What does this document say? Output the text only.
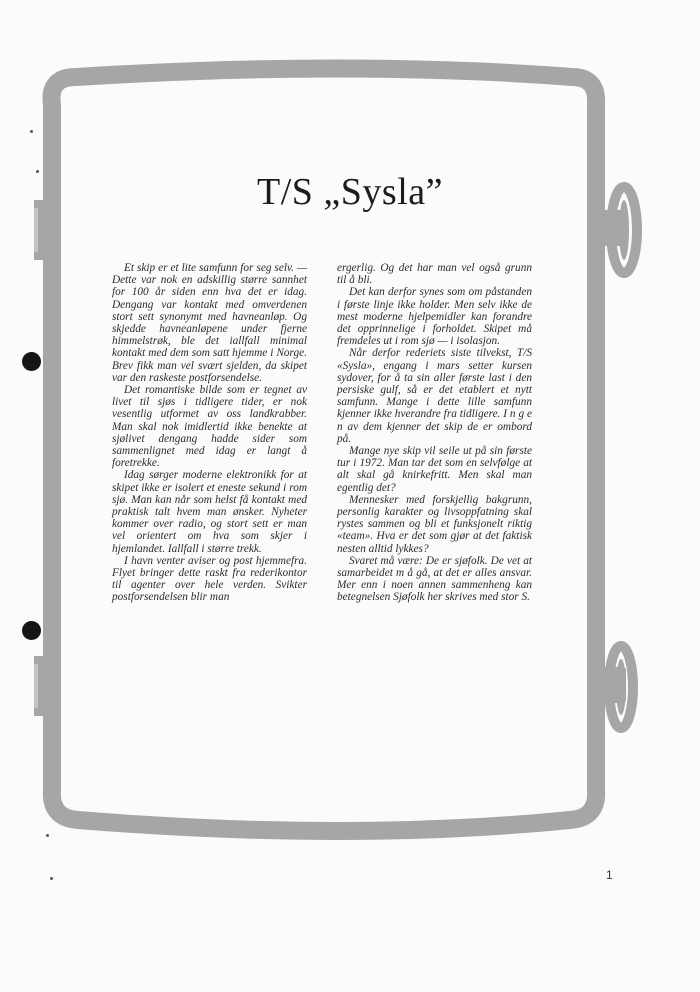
T/S „Sysla”

Et skip er et lite samfunn for seg selv. — Dette var nok en adskillig større sannhet for 100 år siden enn hva det er idag. Dengang var kontakt med omverdenen stort sett synonymt med havneanløp. Og skjedde havneanløpene under fjerne himmelstrøk, ble det iallfall minimal kontakt med dem som satt hjemme i Norge. Brev fikk man vel svært sjelden, da skipet var den raskeste postforsendelse.

Det romantiske bilde som er tegnet av livet til sjøs i tidligere tider, er nok vesentlig utformet av oss landkrabber. Man skal nok imidlertid ikke benekte at sjølivet dengang hadde sider som sammenlignet med idag er langt å foretrekke.

Idag sørger moderne elektronikk for at skipet ikke er isolert et eneste sekund i rom sjø. Man kan når som helst få kontakt med praktisk talt hvem man ønsker. Nyheter kommer over radio, og stort sett er man vel orientert om hva som skjer i hjemlandet. Iallfall i større trekk.

I havn venter aviser og post hjemmefra. Flyet bringer dette raskt fra rederikontor til agenter over hele verden. Svikter postforsendelsen blir man

ergerlig. Og det har man vel også grunn til å bli.

Det kan derfor synes som om påstanden i første linje ikke holder. Men selv ikke de mest moderne hjelpemidler kan forandre det opprinnelige i forholdet. Skipet må fremdeles ut i rom sjø — i isolasjon.

Når derfor rederiets siste tilvekst, T/S «Sysla», engang i mars setter kursen sydover, for å ta sin aller første last i den persiske gulf, så er det etablert et nytt samfunn. Mange i dette lille samfunn kjenner ikke hverandre fra tidligere. I n g e n av dem kjenner det skip de er ombord på.

Mange nye skip vil seile ut på sin første tur i 1972. Man tar det som en selvfølge at alt skal gå knirkefritt. Men skal man egentlig det?

Mennesker med forskjellig bakgrunn, personlig karakter og livsoppfatning skal rystes sammen og bli et funksjonelt riktig «team». Hva er det som gjør at det faktisk nesten alltid lykkes?

Svaret må være: De er sjøfolk. De vet at samarbeidet m å gå, at det er alles ansvar. Mer enn i noen annen sammenheng kan betegnelsen Sjøfolk her skrives med stor S.

1
